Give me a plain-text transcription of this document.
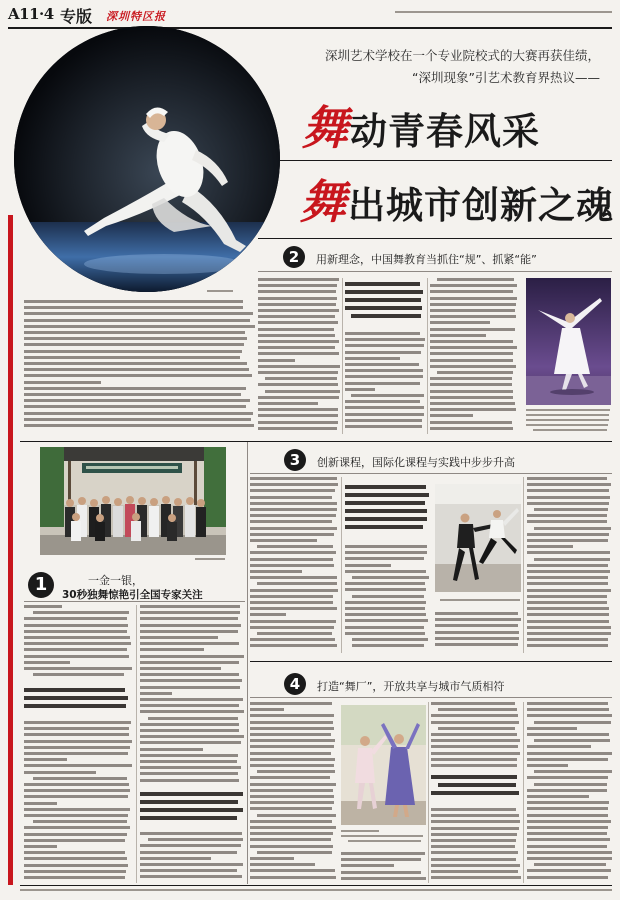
A11·4 专版 深圳特区报
深圳艺术学校在一个专业院校式的大赛再获佳绩，
“深圳现象”引艺术教育界热议——
舞动青春风采
舞出城市创新之魂
2	用新理念，中国舞教育当抓住“规”、抓紧“能”
1	一金一银，
30秒独舞惊艳引全国专家关注
3	创新课程，国际化课程与实践中步步升高
4	打造“舞厂”，开放共享与城市气质相符
